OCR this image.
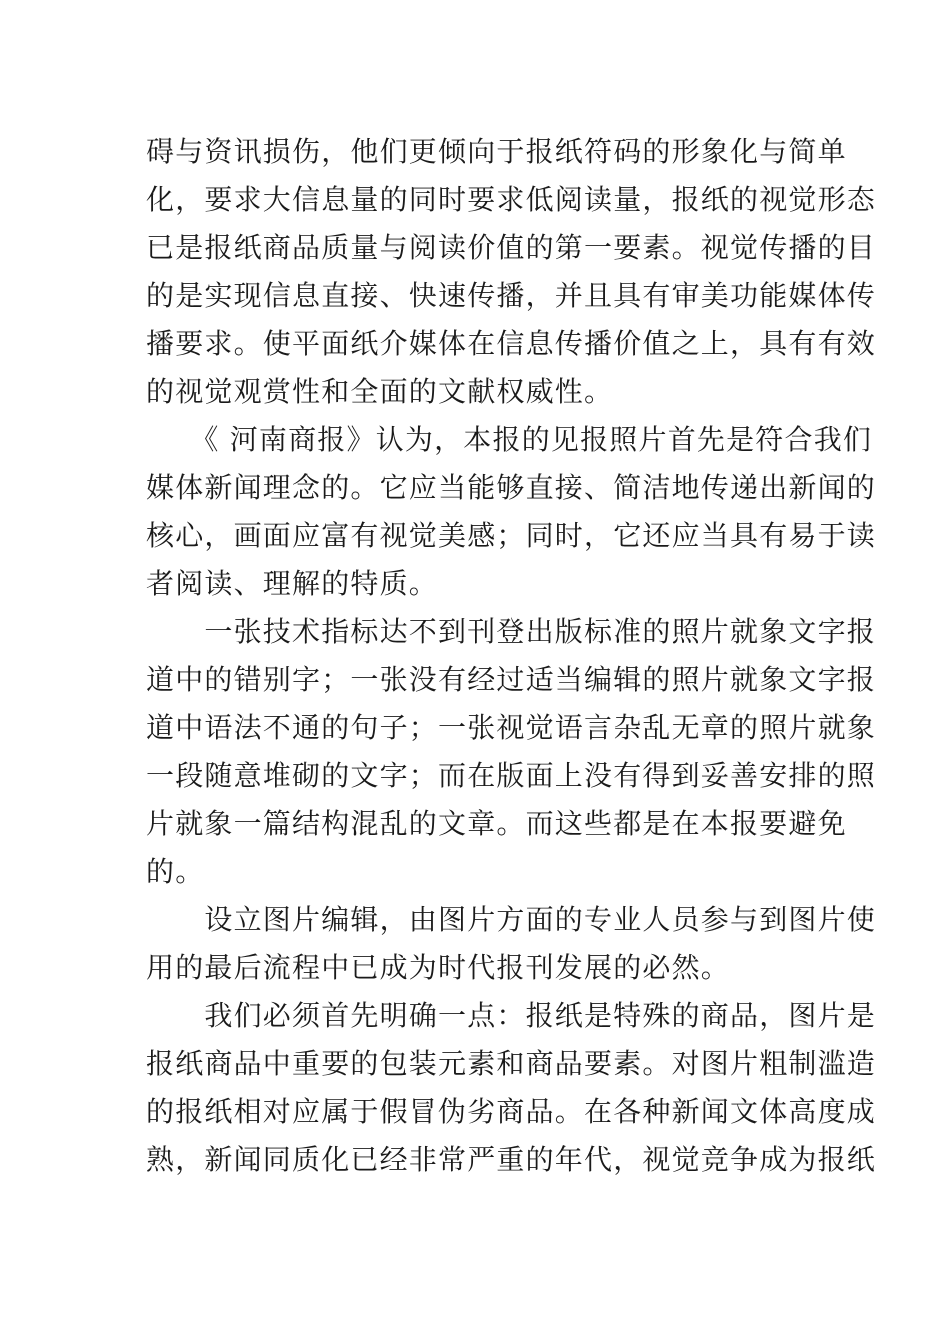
碍与资讯损伤，他们更倾向于报纸符码的形象化与简单
化，要求大信息量的同时要求低阅读量，报纸的视觉形态
已是报纸商品质量与阅读价值的第一要素。视觉传播的目
的是实现信息直接、快速传播，并且具有审美功能媒体传
播要求。使平面纸介媒体在信息传播价值之上，具有有效
的视觉观赏性和全面的文献权威性。

　　《 河南商报》认为，本报的见报照片首先是符合我们
媒体新闻理念的。它应当能够直接、简洁地传递出新闻的
核心，画面应富有视觉美感；同时，它还应当具有易于读
者阅读、理解的特质。

　　一张技术指标达不到刊登出版标准的照片就象文字报
道中的错别字；一张没有经过适当编辑的照片就象文字报
道中语法不通的句子；一张视觉语言杂乱无章的照片就象
一段随意堆砌的文字；而在版面上没有得到妥善安排的照
片就象一篇结构混乱的文章。而这些都是在本报要避免
的。

　　设立图片编辑，由图片方面的专业人员参与到图片使
用的最后流程中已成为时代报刊发展的必然。

　　我们必须首先明确一点：报纸是特殊的商品，图片是
报纸商品中重要的包装元素和商品要素。对图片粗制滥造
的报纸相对应属于假冒伪劣商品。在各种新闻文体高度成
熟，新闻同质化已经非常严重的年代，视觉竞争成为报纸
